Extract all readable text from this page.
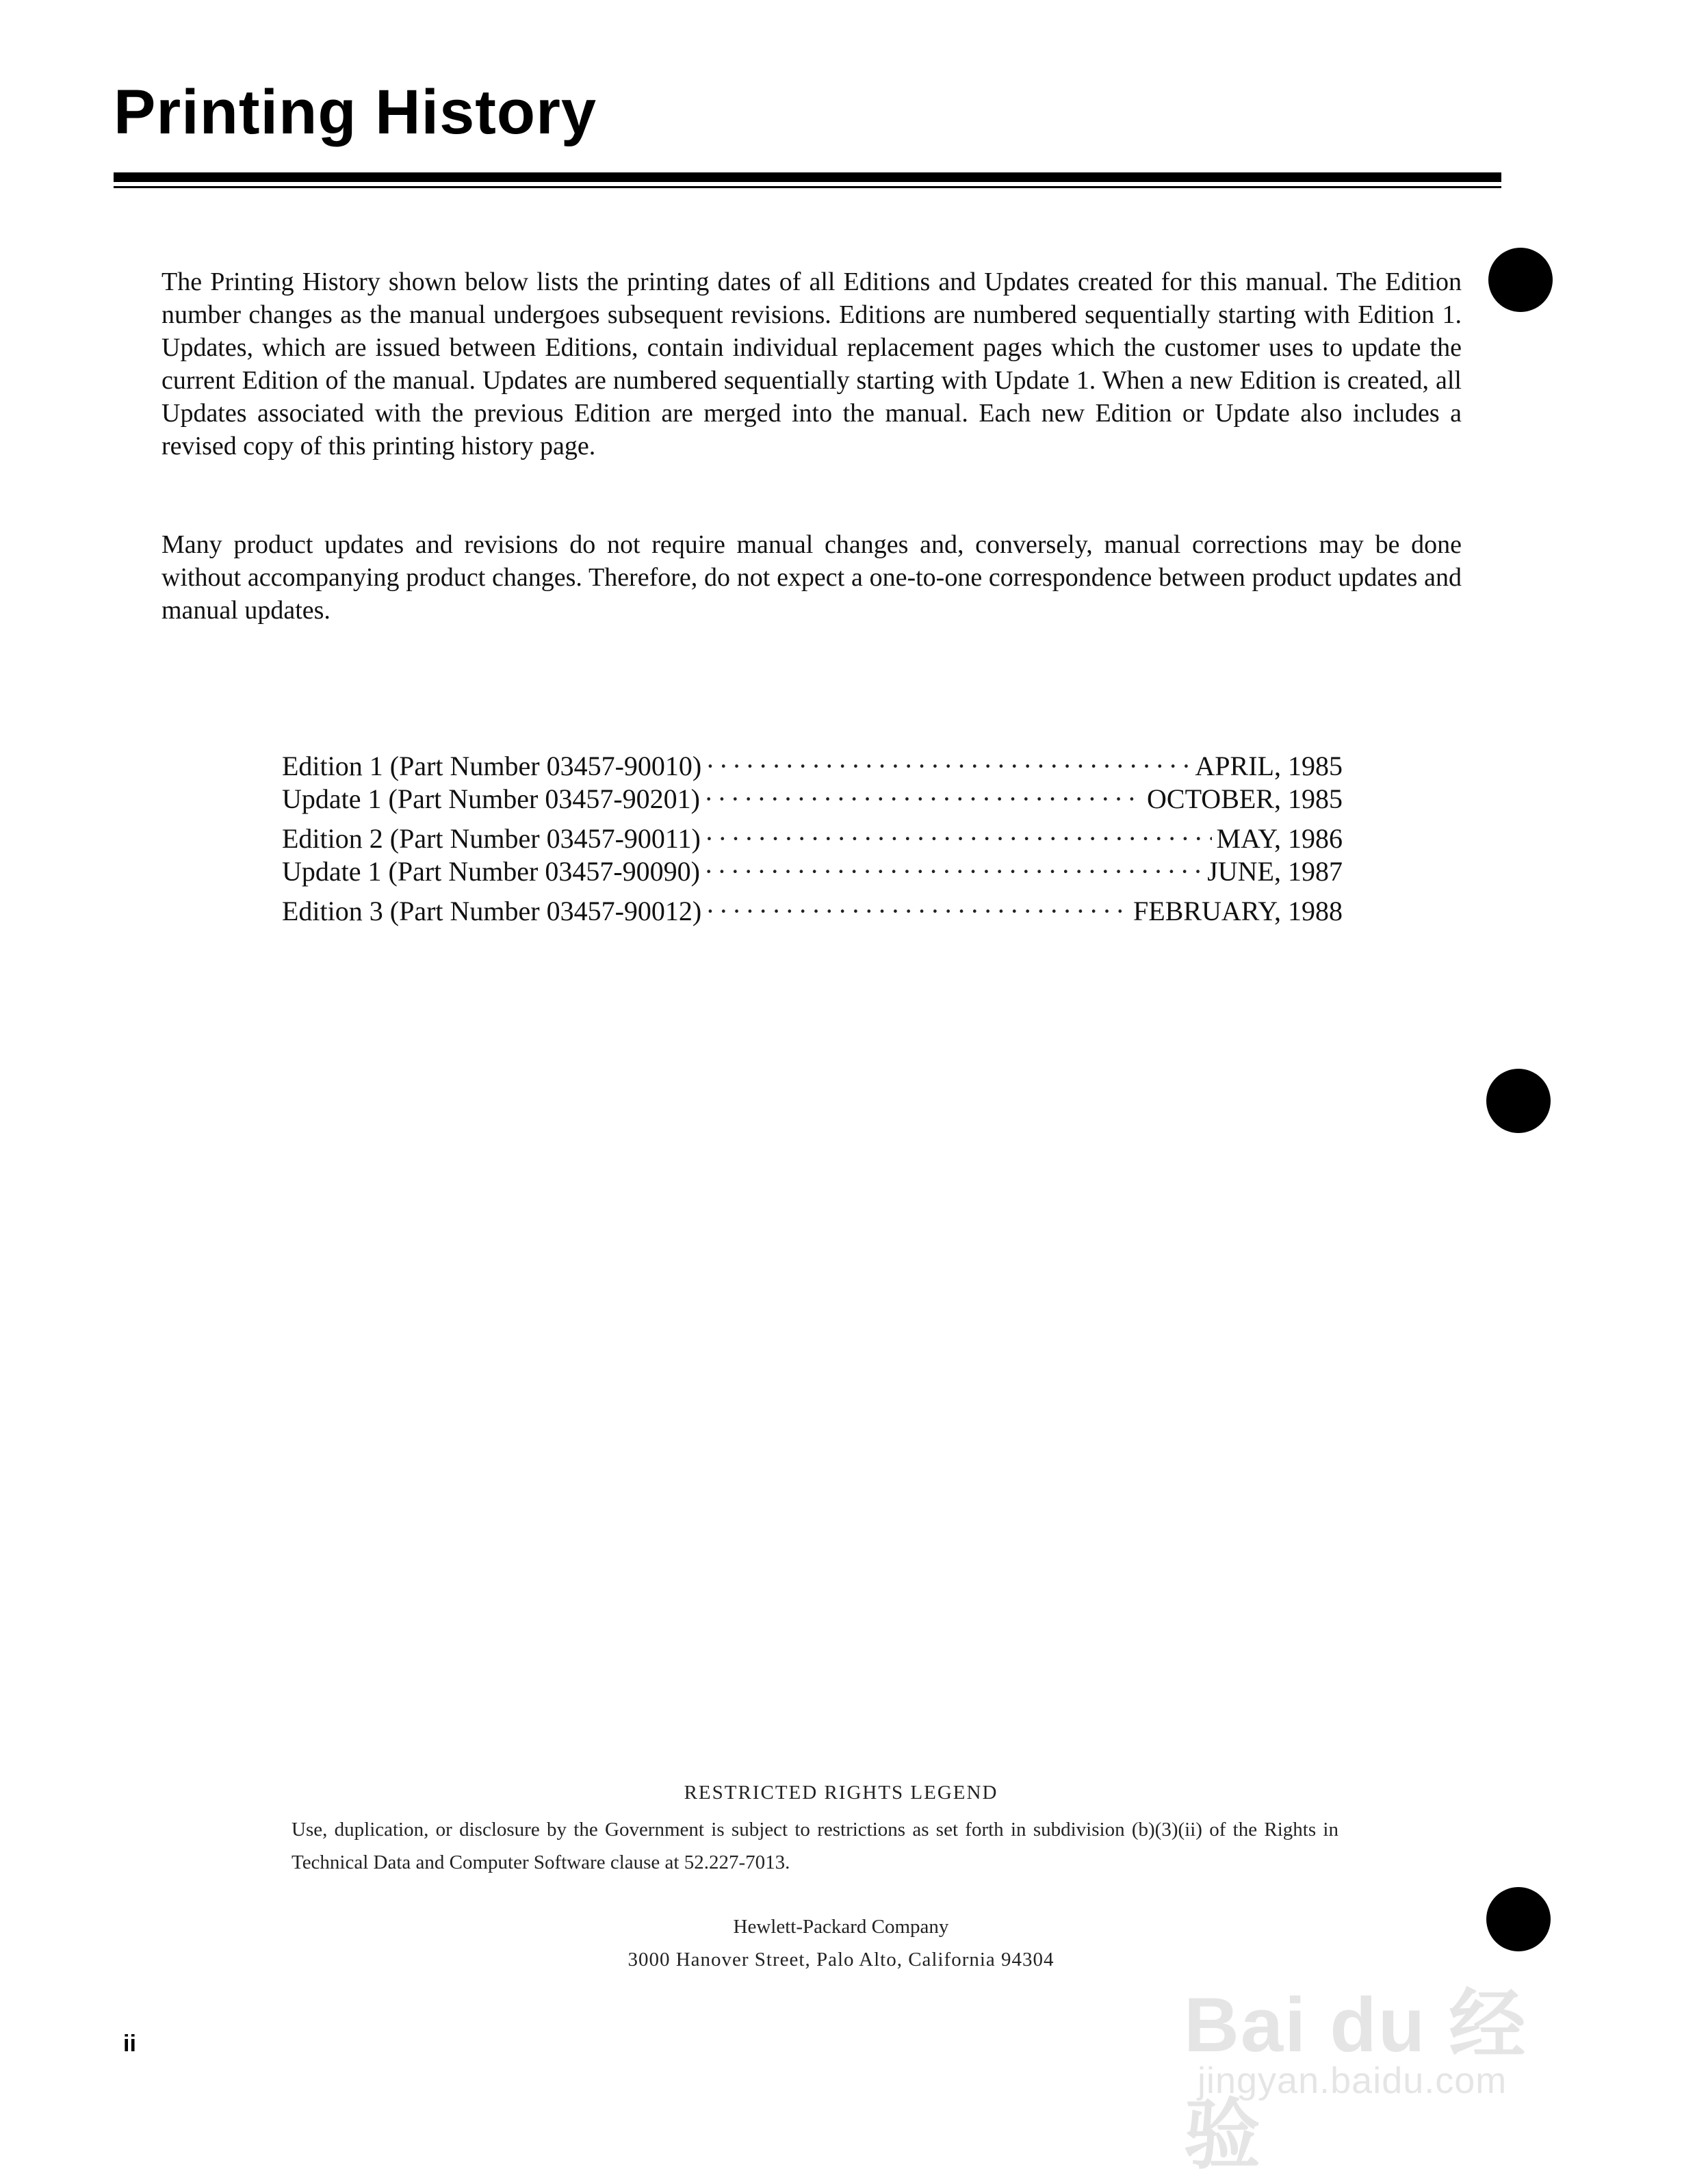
Printing History

The Printing History shown below lists the printing dates of all Editions and Updates created for this manual. The Edition number changes as the manual undergoes subsequent revisions. Editions are numbered sequentially starting with Edition 1. Updates, which are issued between Editions, contain individual replacement pages which the customer uses to update the current Edition of the manual. Updates are numbered sequentially starting with Update 1. When a new Edition is created, all Updates associated with the previous Edition are merged into the manual. Each new Edition or Update also includes a revised copy of this printing history page.

Many product updates and revisions do not require manual changes and, conversely, manual corrections may be done without accompanying product changes. Therefore, do not expect a one-to-one correspondence between product updates and manual updates.

Edition 1 (Part Number 03457-90010) ·····	APRIL, 1985
Update 1 (Part Number 03457-90201) ·····	OCTOBER, 1985
Edition 2 (Part Number 03457-90011) ·····	MAY, 1986
Update 1 (Part Number 03457-90090) ·····	JUNE, 1987
Edition 3 (Part Number 03457-90012) ·····	FEBRUARY, 1988
RESTRICTED RIGHTS LEGEND

Use, duplication, or disclosure by the Government is subject to restrictions as set forth in subdivision (b)(3)(ii) of the Rights in Technical Data and Computer Software clause at 52.227-7013.

Hewlett-Packard Company
3000 Hanover Street, Palo Alto, California 94304
ii	Bai du 经验
jingyan.baidu.com
